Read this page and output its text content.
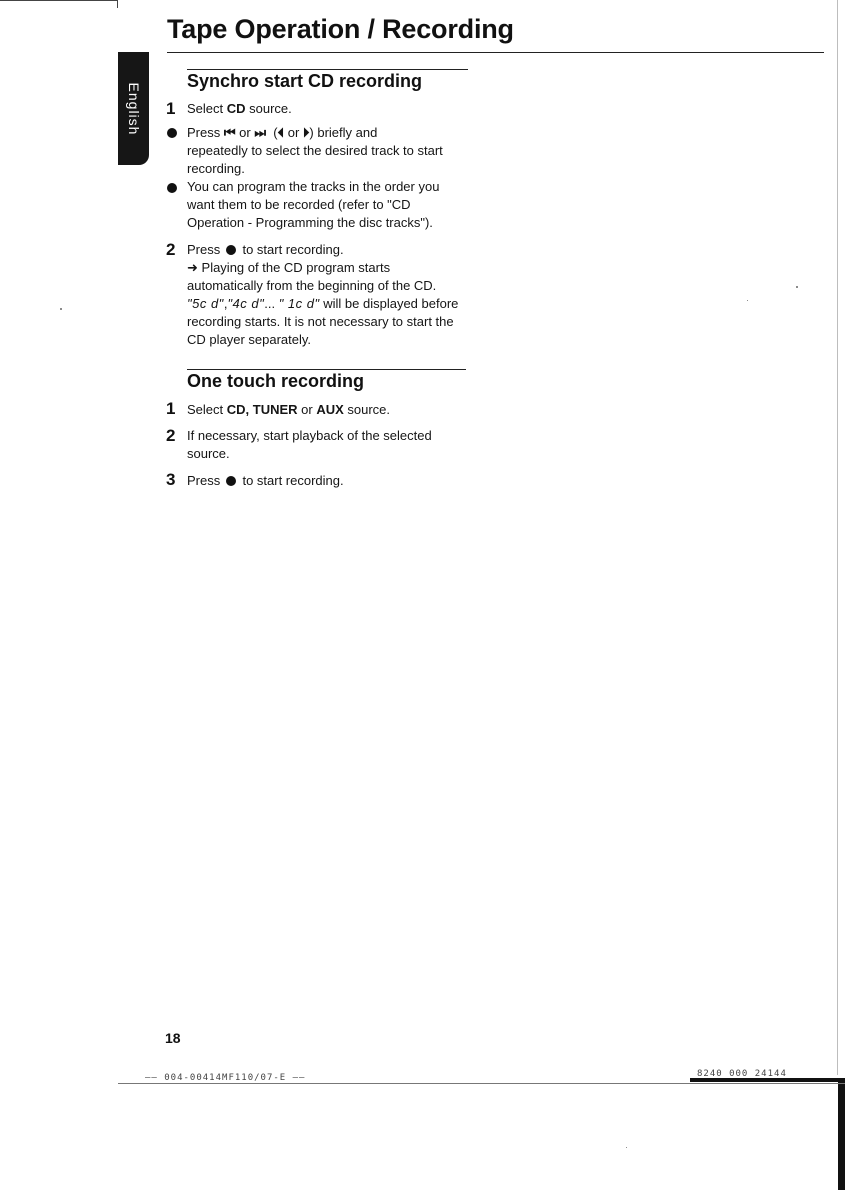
—— 004-00414MF110/07-E ——	8240 000 24144
Tape Operation / Recording
English
Synchro start CD recording
1 Select CD source.
Press ⏮ or ⏭ (⏴ or ⏵) briefly and
repeatedly to select the desired track to start
recording.
You can program the tracks in the order you
want them to be recorded (refer to "CD
Operation - Programming the disc tracks").
2 Press  to start recording.
➜ Playing of the CD program starts
automatically from the beginning of the CD.
"5c d","4c d"... " 1c d" will be displayed before
recording starts. It is not necessary to start the
CD player separately.
One touch recording
1 Select CD, TUNER or AUX source.
2 If necessary, start playback of the selected
source.
3 Press  to start recording.
18
